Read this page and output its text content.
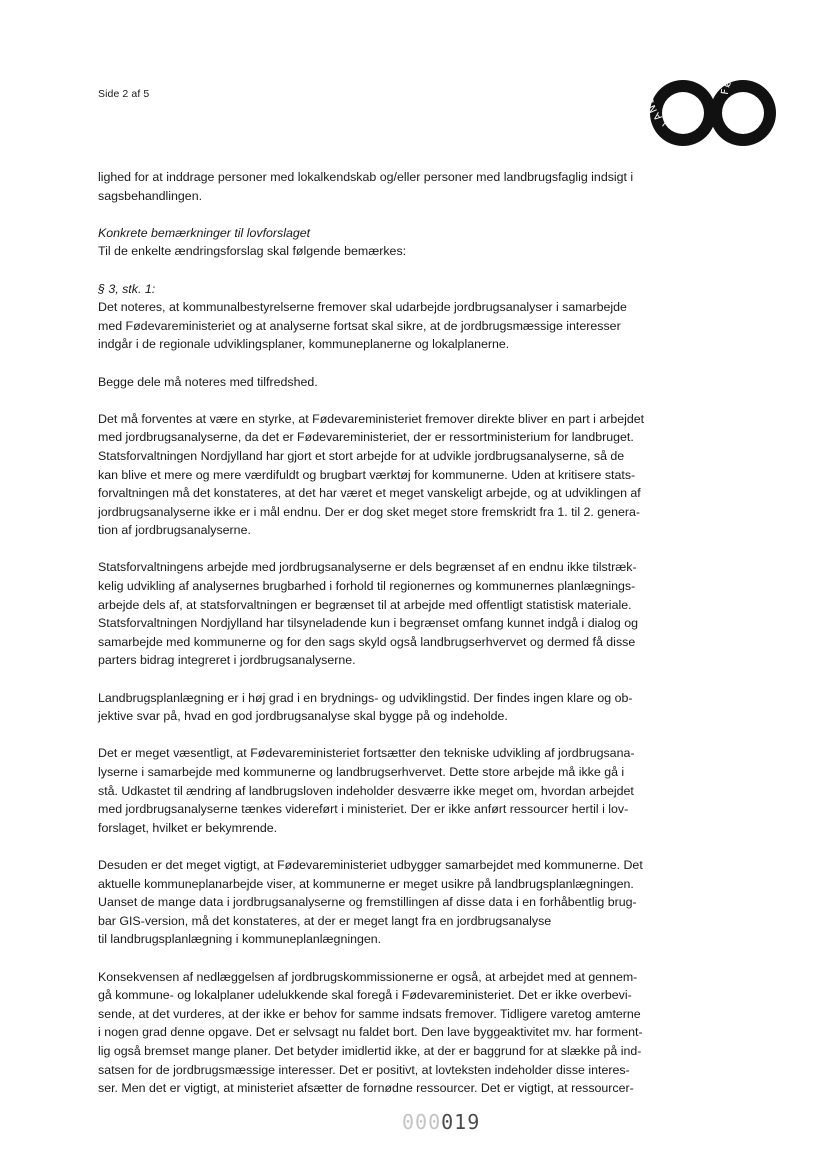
Side 2 af 5
LANDBRUG
FØDE R

lighed for at inddrage personer med lokalkendskab og/eller personer med landbrugsfaglig indsigt i

sagsbehandlingen.

Konkrete bemærkninger til lovforslaget

Til de enkelte ændringsforslag skal følgende bemærkes:

§ 3, stk. 1:

Det noteres, at kommunalbestyrelserne fremover skal udarbejde jordbrugsanalyser i samarbejde

med Fødevareministeriet og at analyserne fortsat skal sikre, at de jordbrugsmæssige interesser

indgår i de regionale udviklingsplaner, kommuneplanerne og lokalplanerne.

Begge dele må noteres med tilfredshed.

Det må forventes at være en styrke, at Fødevareministeriet fremover direkte bliver en part i arbejdet

med jordbrugsanalyserne, da det er Fødevareministeriet, der er ressortministerium for landbruget.

Statsforvaltningen Nordjylland har gjort et stort arbejde for at udvikle jordbrugsanalyserne, så de

kan blive et mere og mere værdifuldt og brugbart værktøj for kommunerne. Uden at kritisere stats-

forvaltningen må det konstateres, at det har været et meget vanskeligt arbejde, og at udviklingen af

jordbrugsanalyserne ikke er i mål endnu. Der er dog sket meget store fremskridt fra 1. til 2. genera-

tion af jordbrugsanalyserne.

Statsforvaltningens arbejde med jordbrugsanalyserne er dels begrænset af en endnu ikke tilstræk-

kelig udvikling af analysernes brugbarhed i forhold til regionernes og kommunernes planlægnings-

arbejde dels af, at statsforvaltningen er begrænset til at arbejde med offentligt statistisk materiale.

Statsforvaltningen Nordjylland har tilsyneladende kun i begrænset omfang kunnet indgå i dialog og

samarbejde med kommunerne og for den sags skyld også landbrugserhvervet og dermed få disse

parters bidrag integreret i jordbrugsanalyserne.

Landbrugsplanlægning er i høj grad i en brydnings- og udviklingstid. Der findes ingen klare og ob-

jektive svar på, hvad en god jordbrugsanalyse skal bygge på og indeholde.

Det er meget væsentligt, at Fødevareministeriet fortsætter den tekniske udvikling af jordbrugsana-

lyserne i samarbejde med kommunerne og landbrugserhvervet. Dette store arbejde må ikke gå i

stå. Udkastet til ændring af landbrugsloven indeholder desværre ikke meget om, hvordan arbejdet

med jordbrugsanalyserne tænkes videreført i ministeriet. Der er ikke anført ressourcer hertil i lov-

forslaget, hvilket er bekymrende.

Desuden er det meget vigtigt, at Fødevareministeriet udbygger samarbejdet med kommunerne. Det

aktuelle kommuneplanarbejde viser, at kommunerne er meget usikre på landbrugsplanlægningen.

Uanset de mange data i jordbrugsanalyserne og fremstillingen af disse data i en forhåbentlig brug-

bar GIS-version, må det konstateres, at der er meget langt fra en jordbrugsanalyse

til landbrugsplanlægning i kommuneplanlægningen.

Konsekvensen af nedlæggelsen af jordbrugskommissionerne er også, at arbejdet med at gennem-

gå kommune- og lokalplaner udelukkende skal foregå i Fødevareministeriet. Det er ikke overbevi-

sende, at det vurderes, at der ikke er behov for samme indsats fremover. Tidligere varetog amterne

i nogen grad denne opgave. Det er selvsagt nu faldet bort. Den lave byggeaktivitet mv. har forment-

lig også bremset mange planer. Det betyder imidlertid ikke, at der er baggrund for at slække på ind-

satsen for de jordbrugsmæssige interesser. Det er positivt, at lovteksten indeholder disse interes-

ser. Men det er vigtigt, at ministeriet afsætter de fornødne ressourcer. Det er vigtigt, at ressourcer-

000019
